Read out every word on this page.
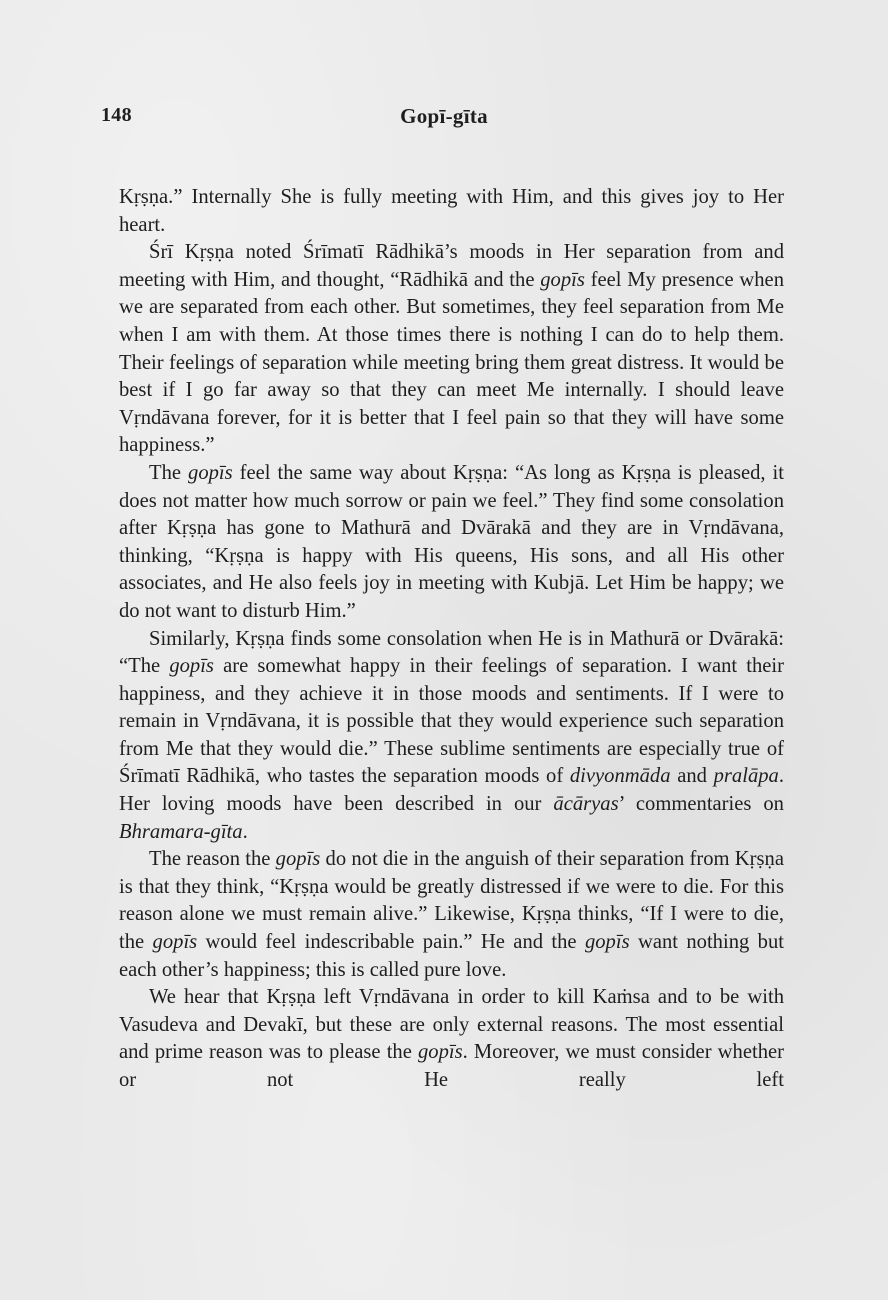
148	Gopī-gīta

Kṛṣṇa.” Internally She is fully meeting with Him, and this gives joy to Her heart.

Śrī Kṛṣṇa noted Śrīmatī Rādhikā’s moods in Her separation from and meeting with Him, and thought, “Rādhikā and the gopīs feel My presence when we are separated from each other. But sometimes, they feel separation from Me when I am with them. At those times there is nothing I can do to help them. Their feelings of separation while meeting bring them great distress. It would be best if I go far away so that they can meet Me internally. I should leave Vṛndāvana forever, for it is better that I feel pain so that they will have some happiness.”

The gopīs feel the same way about Kṛṣṇa: “As long as Kṛṣṇa is pleased, it does not matter how much sorrow or pain we feel.” They find some consolation after Kṛṣṇa has gone to Mathurā and Dvārakā and they are in Vṛndāvana, thinking, “Kṛṣṇa is happy with His queens, His sons, and all His other associates, and He also feels joy in meeting with Kubjā. Let Him be happy; we do not want to disturb Him.”

Similarly, Kṛṣṇa finds some consolation when He is in Mathurā or Dvārakā: “The gopīs are somewhat happy in their feelings of separation. I want their happiness, and they achieve it in those moods and sentiments. If I were to remain in Vṛndāvana, it is possible that they would experience such separation from Me that they would die.” These sublime sentiments are especially true of Śrīmatī Rādhikā, who tastes the separation moods of divyonmāda and pralāpa. Her loving moods have been described in our ācāryas’ commentaries on Bhramara-gīta.

The reason the gopīs do not die in the anguish of their separation from Kṛṣṇa is that they think, “Kṛṣṇa would be greatly distressed if we were to die. For this reason alone we must remain alive.” Likewise, Kṛṣṇa thinks, “If I were to die, the gopīs would feel indescribable pain.” He and the gopīs want nothing but each other’s happiness; this is called pure love.

We hear that Kṛṣṇa left Vṛndāvana in order to kill Kaṁsa and to be with Vasudeva and Devakī, but these are only external reasons. The most essential and prime reason was to please the gopīs. Moreover, we must consider whether or not He really left
